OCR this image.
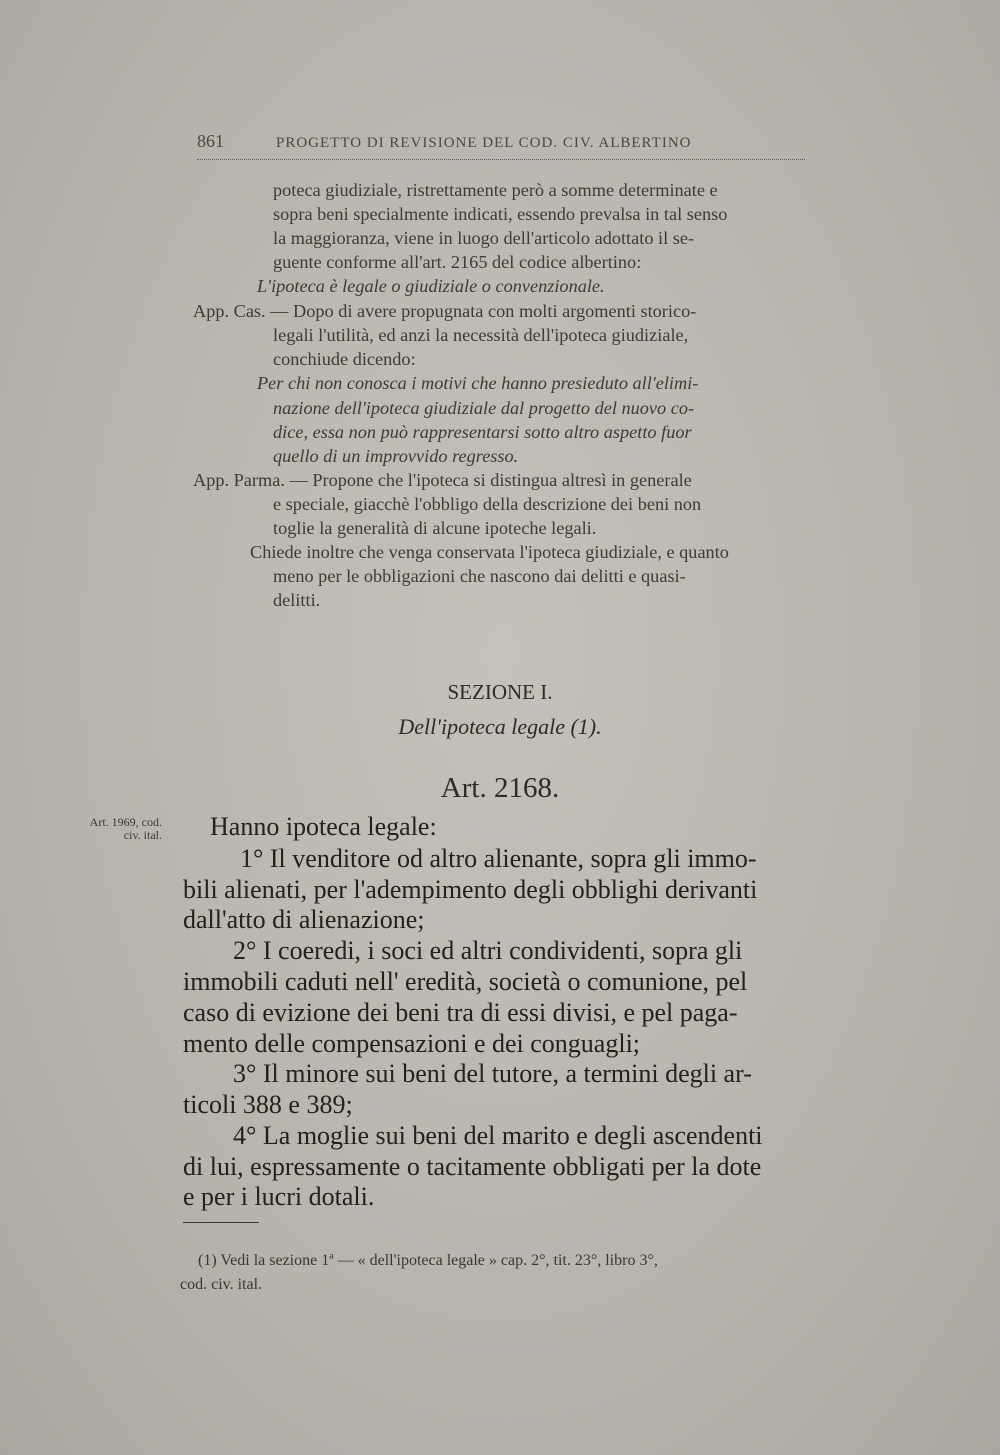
861	PROGETTO DI REVISIONE DEL COD. CIV. ALBERTINO
poteca giudiziale, ristrettamente però a somme determinate e
sopra beni specialmente indicati, essendo prevalsa in tal senso
la maggioranza, viene in luogo dell'articolo adottato il se-
guente conforme all'art. 2165 del codice albertino:
L'ipoteca è legale o giudiziale o convenzionale.
App. Cas. — Dopo di avere propugnata con molti argomenti storico-
legali l'utilità, ed anzi la necessità dell'ipoteca giudiziale,
conchiude dicendo:
Per chi non conosca i motivi che hanno presieduto all'elimi-
nazione dell'ipoteca giudiziale dal progetto del nuovo co-
dice, essa non può rappresentarsi sotto altro aspetto fuor
quello di un improvvido regresso.
App. Parma. — Propone che l'ipoteca si distingua altresì in generale
e speciale, giacchè l'obbligo della descrizione dei beni non
toglie la generalità di alcune ipoteche legali.
Chiede inoltre che venga conservata l'ipoteca giudiziale, e quanto
meno per le obbligazioni che nascono dai delitti e quasi-
delitti.
SEZIONE I.
Dell'ipoteca legale (1).
Art. 2168.
Art. 1969, cod.
civ. ital. Hanno ipoteca legale:
1° Il venditore od altro alienante, sopra gli immo-
bili alienati, per l'adempimento degli obblighi derivanti
dall'atto di alienazione;
2° I coeredi, i soci ed altri condividenti, sopra gli
immobili caduti nell' eredità, società o comunione, pel
caso di evizione dei beni tra di essi divisi, e pel paga-
mento delle compensazioni e dei conguagli;
3° Il minore sui beni del tutore, a termini degli ar-
ticoli 388 e 389;
4° La moglie sui beni del marito e degli ascendenti
di lui, espressamente o tacitamente obbligati per la dote
e per i lucri dotali.
(1) Vedi la sezione 1ª — « dell'ipoteca legale » cap. 2°, tit. 23°, libro 3°,
cod. civ. ital.
